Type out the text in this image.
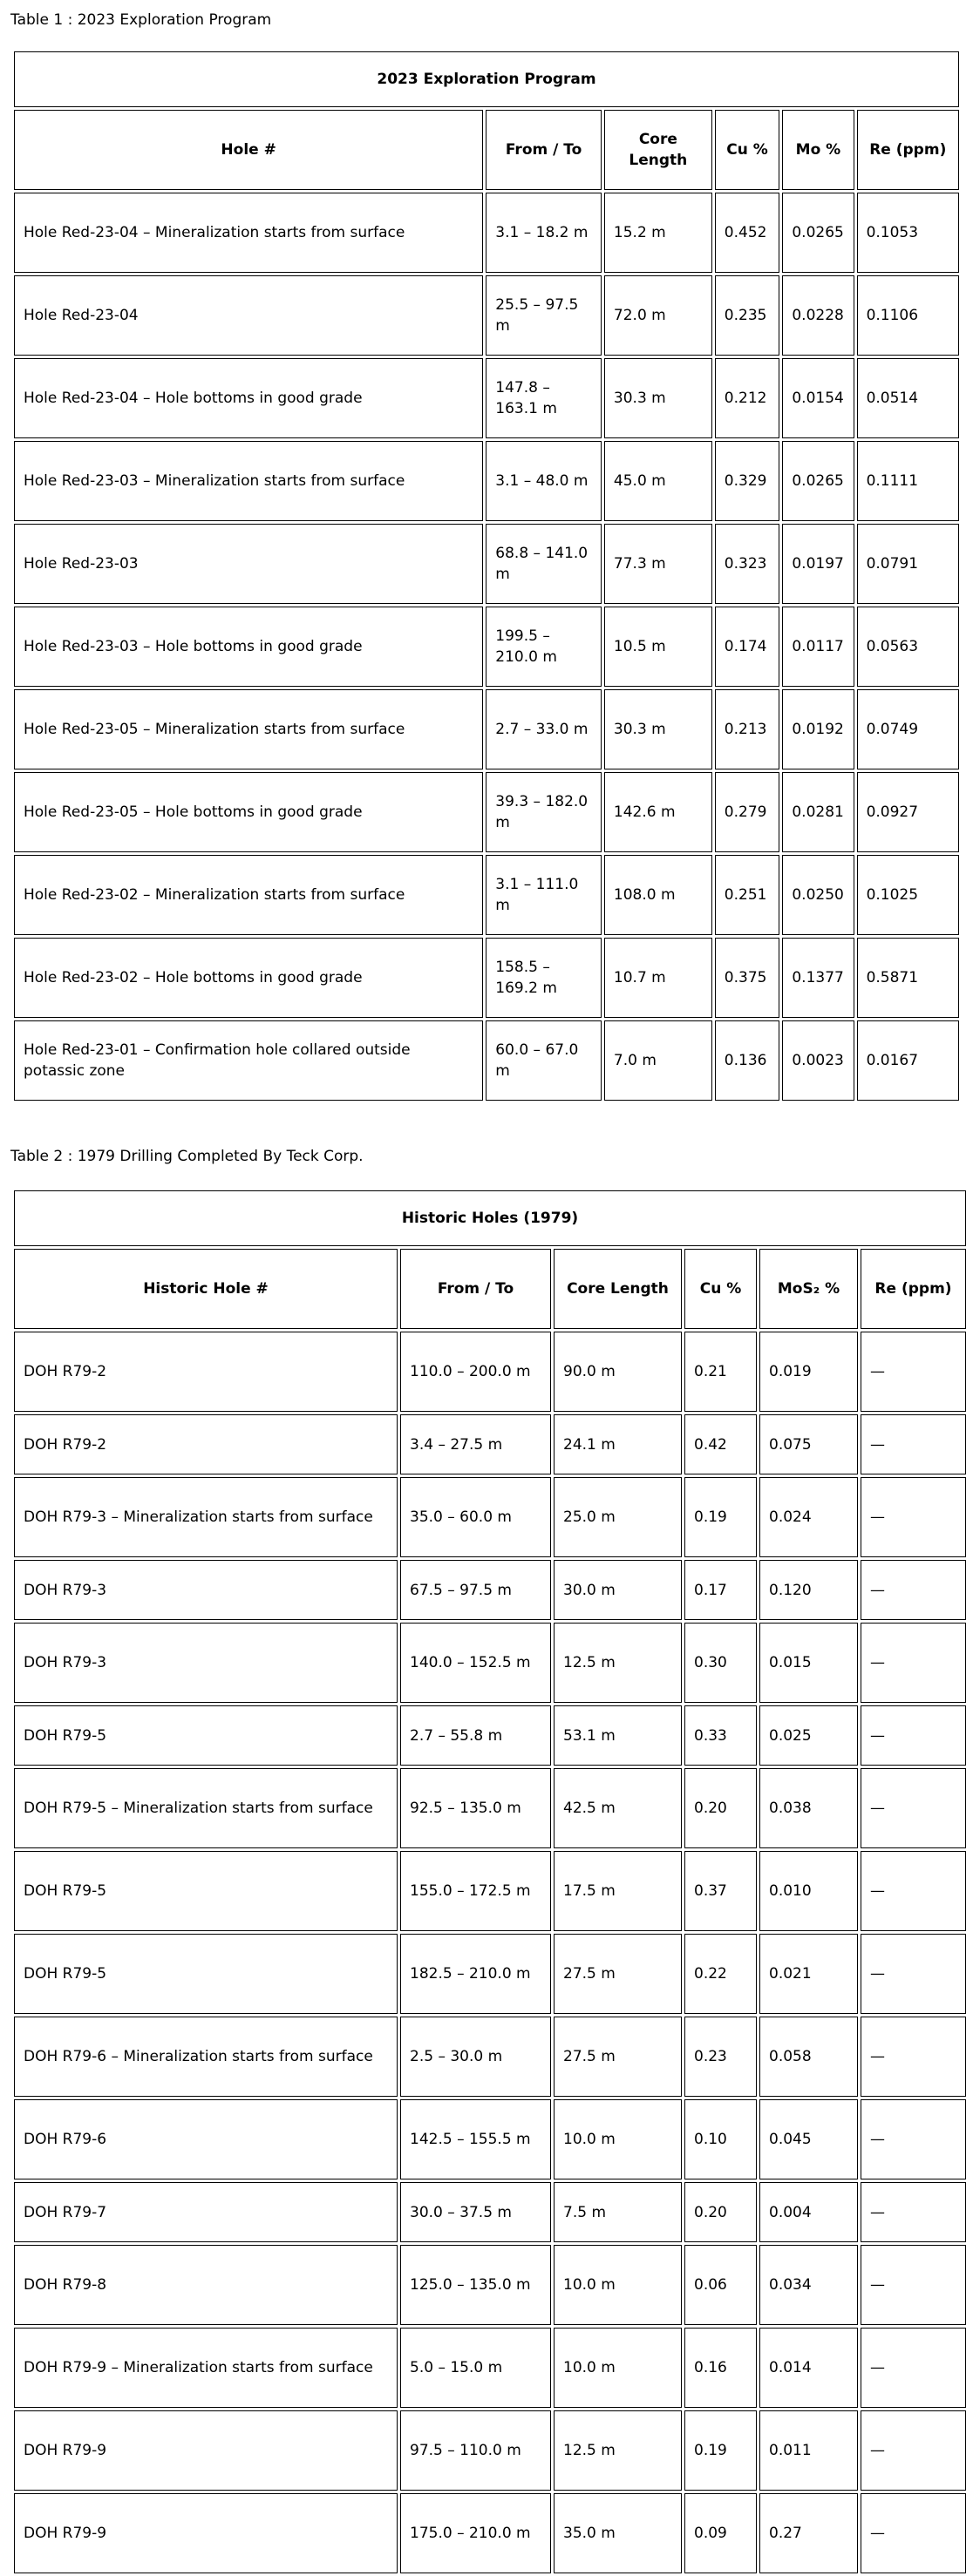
Table 1 : 2023 Exploration Program

2023 Exploration Program					
Hole #	From / To	Core Length	Cu %	Mo %	Re (ppm)
Hole Red-23-04 – Mineralization starts from surface	3.1 – 18.2 m	15.2 m	0.452	0.0265	0.1053
Hole Red-23-04	25.5 – 97.5 m	72.0 m	0.235	0.0228	0.1106
Hole Red-23-04 – Hole bottoms in good grade	147.8 – 163.1 m	30.3 m	0.212	0.0154	0.0514
Hole Red-23-03 – Mineralization starts from surface	3.1 – 48.0 m	45.0 m	0.329	0.0265	0.1111
Hole Red-23-03	68.8 – 141.0 m	77.3 m	0.323	0.0197	0.0791
Hole Red-23-03 – Hole bottoms in good grade	199.5 – 210.0 m	10.5 m	0.174	0.0117	0.0563
Hole Red-23-05 – Mineralization starts from surface	2.7 – 33.0 m	30.3 m	0.213	0.0192	0.0749
Hole Red-23-05 – Hole bottoms in good grade	39.3 – 182.0 m	142.6 m	0.279	0.0281	0.0927
Hole Red-23-02 – Mineralization starts from surface	3.1 – 111.0 m	108.0 m	0.251	0.0250	0.1025
Hole Red-23-02 – Hole bottoms in good grade	158.5 – 169.2 m	10.7 m	0.375	0.1377	0.5871
Hole Red-23-01 – Confirmation hole collared outside potassic zone	60.0 – 67.0 m	7.0 m	0.136	0.0023	0.0167

Table 2 : 1979 Drilling Completed By Teck Corp.

Historic Holes (1979)					
Historic Hole #	From / To	Core Length	Cu %	MoS₂ %	Re (ppm)
DOH R79-2	110.0 – 200.0 m	90.0 m	0.21	0.019	—
DOH R79-2	3.4 – 27.5 m	24.1 m	0.42	0.075	—
DOH R79-3 – Mineralization starts from surface	35.0 – 60.0 m	25.0 m	0.19	0.024	—
DOH R79-3	67.5 – 97.5 m	30.0 m	0.17	0.120	—
DOH R79-3	140.0 – 152.5 m	12.5 m	0.30	0.015	—
DOH R79-5	2.7 – 55.8 m	53.1 m	0.33	0.025	—
DOH R79-5 – Mineralization starts from surface	92.5 – 135.0 m	42.5 m	0.20	0.038	—
DOH R79-5	155.0 – 172.5 m	17.5 m	0.37	0.010	—
DOH R79-5	182.5 – 210.0 m	27.5 m	0.22	0.021	—
DOH R79-6 – Mineralization starts from surface	2.5 – 30.0 m	27.5 m	0.23	0.058	—
DOH R79-6	142.5 – 155.5 m	10.0 m	0.10	0.045	—
DOH R79-7	30.0 – 37.5 m	7.5 m	0.20	0.004	—
DOH R79-8	125.0 – 135.0 m	10.0 m	0.06	0.034	—
DOH R79-9 – Mineralization starts from surface	5.0 – 15.0 m	10.0 m	0.16	0.014	—
DOH R79-9	97.5 – 110.0 m	12.5 m	0.19	0.011	—
DOH R79-9	175.0 – 210.0 m	35.0 m	0.09	0.27	—
